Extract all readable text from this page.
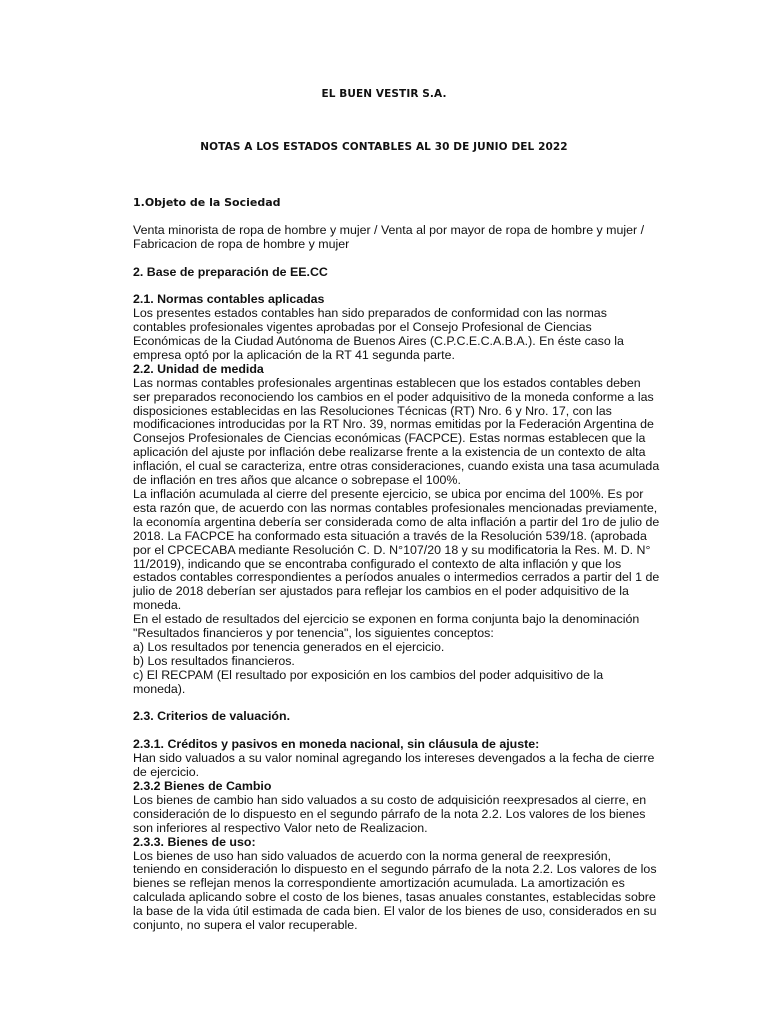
EL BUEN VESTIR S.A.
NOTAS A LOS ESTADOS CONTABLES AL 30 DE JUNIO DEL 2022

1.Objeto de la Sociedad

Venta minorista de ropa de hombre y mujer / Venta al por mayor de ropa de hombre y mujer /

Fabricacion de ropa de hombre y mujer

2. Base de preparación de EE.CC

2.1. Normas contables aplicadas

Los presentes estados contables han sido preparados de conformidad con las normas

contables profesionales vigentes aprobadas por el Consejo Profesional de Ciencias

Económicas de la Ciudad Autónoma de Buenos Aires (C.P.C.E.C.A.B.A.). En éste caso la

empresa optó por la aplicación de la RT 41 segunda parte.

2.2. Unidad de medida

Las normas contables profesionales argentinas establecen que los estados contables deben

ser preparados reconociendo los cambios en el poder adquisitivo de la moneda conforme a las

disposiciones establecidas en las Resoluciones Técnicas (RT) Nro. 6 y Nro. 17, con las

modificaciones introducidas por la RT Nro. 39, normas emitidas por la Federación Argentina de

Consejos Profesionales de Ciencias económicas (FACPCE). Estas normas establecen que la

aplicación del ajuste por inflación debe realizarse frente a la existencia de un contexto de alta

inflación, el cual se caracteriza, entre otras consideraciones, cuando exista una tasa acumulada

de inflación en tres años que alcance o sobrepase el 100%.

La inflación acumulada al cierre del presente ejercicio, se ubica por encima del 100%. Es por

esta razón que, de acuerdo con las normas contables profesionales mencionadas previamente,

la economía argentina debería ser considerada como de alta inflación a partir del 1ro de julio de

2018. La FACPCE ha conformado esta situación a través de la Resolución 539/18. (aprobada

por el CPCECABA mediante Resolución C. D. N°107/20 18 y su modificatoria la Res. M. D. N°

11/2019), indicando que se encontraba configurado el contexto de alta inflación y que los

estados contables correspondientes a períodos anuales o intermedios cerrados a partir del 1 de

julio de 2018 deberían ser ajustados para reflejar los cambios en el poder adquisitivo de la

moneda.

En el estado de resultados del ejercicio se exponen en forma conjunta bajo la denominación

"Resultados financieros y por tenencia", los siguientes conceptos:

a) Los resultados por tenencia generados en el ejercicio.

b) Los resultados financieros.

c) El RECPAM (El resultado por exposición en los cambios del poder adquisitivo de la

moneda).

2.3. Criterios de valuación.

2.3.1. Créditos y pasivos en moneda nacional, sin cláusula de ajuste:

Han sido valuados a su valor nominal agregando los intereses devengados a la fecha de cierre

de ejercicio.

2.3.2 Bienes de Cambio

Los bienes de cambio han sido valuados a su costo de adquisición reexpresados al cierre, en

consideración de lo dispuesto en el segundo párrafo de la nota 2.2. Los valores de los bienes

son inferiores al respectivo Valor neto de Realizacion.

2.3.3. Bienes de uso:

Los bienes de uso han sido valuados de acuerdo con la norma general de reexpresión,

teniendo en consideración lo dispuesto en el segundo párrafo de la nota 2.2. Los valores de los

bienes se reflejan menos la correspondiente amortización acumulada. La amortización es

calculada aplicando sobre el costo de los bienes, tasas anuales constantes, establecidas sobre

la base de la vida útil estimada de cada bien. El valor de los bienes de uso, considerados en su

conjunto, no supera el valor recuperable.
